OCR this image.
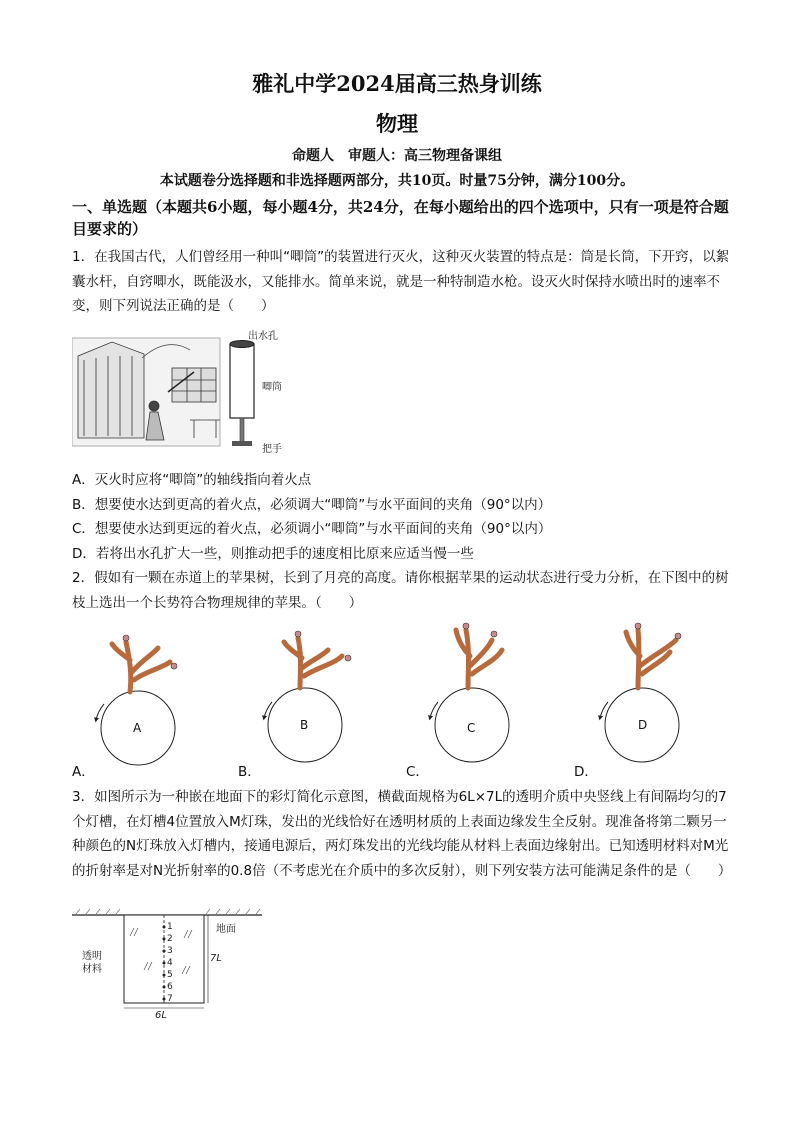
雅礼中学2024届高三热身训练
物理
命题人　审题人：高三物理备课组
本试题卷分选择题和非选择题两部分，共10页。时量75分钟，满分100分。
一、单选题（本题共6小题，每小题4分，共24分，在每小题给出的四个选项中，只有一项是符合题目要求的）
1．在我国古代，人们曾经用一种叫“唧筒”的装置进行灭火，这种灭火装置的特点是：筒是长筒，下开窍，以絮囊水杆，自窍唧水，既能汲水，又能排水。简单来说，就是一种特制造水枪。设灭火时保持水喷出时的速率不变，则下列说法正确的是（　　）
出水孔
唧筒
把手
A．灭火时应将“唧筒”的轴线指向着火点
B．想要使水达到更高的着火点，必须调大“唧筒”与水平面间的夹角（90°以内）
C．想要使水达到更远的着火点，必须调小“唧筒”与水平面间的夹角（90°以内）
D．若将出水孔扩大一些，则推动把手的速度相比原来应适当慢一些
2．假如有一颗在赤道上的苹果树，长到了月亮的高度。请你根据苹果的运动状态进行受力分析，在下图中的树枝上选出一个长势符合物理规律的苹果。（　　）
A	B	C	D
A．	B．	C．	D．
3．如图所示为一种嵌在地面下的彩灯简化示意图，横截面规格为6L×7L的透明介质中央竖线上有间隔均匀的7个灯槽，在灯槽4位置放入M灯珠，发出的光线恰好在透明材质的上表面边缘发生全反射。现准备将第二颗另一种颜色的N灯珠放入灯槽内，接通电源后，两灯珠发出的光线均能从材料上表面边缘射出。已知透明材料对M光的折射率是对N光折射率的0.8倍（不考虑光在介质中的多次反射），则下列安装方法可能满足条件的是（　　）
地面
透明材料
7L
6L
1
2
3
4
5
6
7
